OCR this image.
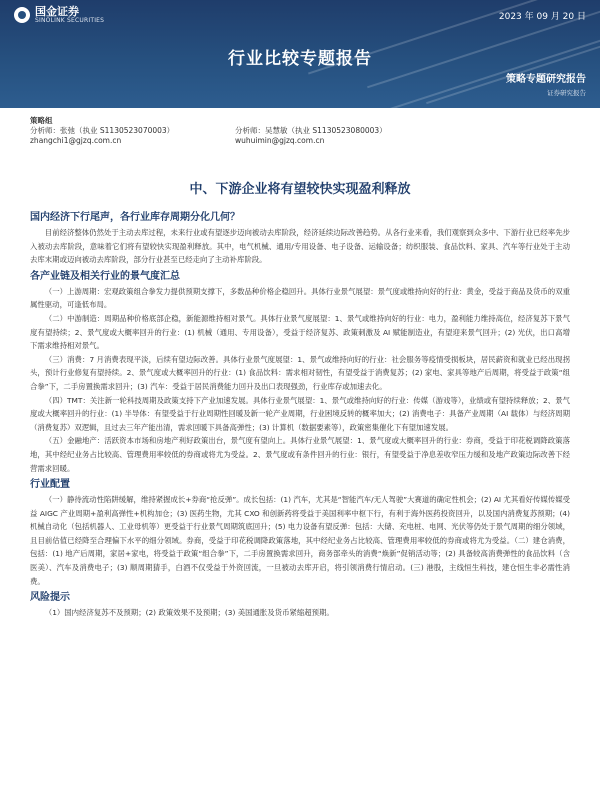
国金证券
SINOLINK SECURITIES	2023 年 09 月 20 日
行业比较专题报告
策略专题研究报告
证券研究报告
策略组
分析师：张弛（执业 S1130523070003）
zhangchi1@gjzq.com.cn
分析师：吴慧敏（执业 S1130523080003）
wuhuimin@gjzq.com.cn
中、下游企业将有望较快实现盈利释放
国内经济下行尾声，各行业库存周期分化几何？

目前经济整体仍然处于主动去库过程，未来行业或有望逐步迈向被动去库阶段，经济延续边际改善趋势。从各行业来看，我们观察到众多中、下游行业已经率先步入被动去库阶段，意味着它们将有望较快实现盈利释放。其中，电气机械、通用/专用设备、电子设备、运输设备；纺织服装、食品饮料、家具、汽车等行业处于主动去库末期或迈向被动去库阶段，部分行业甚至已经走向了主动补库阶段。

各产业链及相关行业的景气度汇总

（一）上游周期：宏观政策组合拳发力提供预期支撑下，多数品种价格企稳回升。具体行业景气展望：景气度或维持向好的行业：黄金，受益于商品及货币的双重属性驱动，可逢低布局。

（二）中游制造：周期品种价格底部企稳，新能源维持相对景气。具体行业景气度展望：1、景气或维持向好的行业：电力，盈利能力维持高位，经济复苏下景气度有望持续；2、景气度或大概率回升的行业：(1) 机械（通用、专用设备），受益于经济复苏、政策刺激及 AI 赋能制造业，有望迎来景气回升；(2) 光伏，出口高增下需求维持相对景气。

（三）消费：7 月消费表现平淡，后续有望边际改善。具体行业景气度展望：1、景气或维持向好的行业：社会服务等疫情受损板块，居民薪资和就业已经出现拐头，预计行业修复有望持续。2、景气度或大概率回升的行业：(1) 食品饮料：需求相对韧性，有望受益于消费复苏；(2) 家电、家具等地产后周期，将受益于政策“组合拳”下，二手房置换需求回升；(3) 汽车：受益于居民消费能力回升及出口表现强劲，行业库存或加速去化。

（四）TMT：关注新一轮科技周期及政策支持下产业加速发展。具体行业景气展望：1、景气或维持向好的行业：传媒（游戏等），业绩或有望持续释放；2、景气度或大概率回升的行业：(1) 半导体：有望受益于行业周期性回暖及新一轮产业周期，行业困境反转的概率加大；(2) 消费电子：具备产业周期（AI 载体）与经济周期（消费复苏）双逻辑，且过去三年产能出清，需求回暖下具备高弹性；(3) 计算机（数据要素等），政策密集催化下有望加速发展。

（五）金融地产：活跃资本市场和房地产利好政策出台，景气度有望向上。具体行业景气展望：1、景气度或大概率回升的行业：券商，受益于印花税调降政策落地，其中经纪业务占比较高、管理费用率较低的券商或将尤为受益。2、景气度或有条件回升的行业：银行，有望受益于净息差收窄压力缓和及地产政策边际改善下经营需求回暖。

行业配置

（一）静待流动性陷阱缓解，维持紧握成长+券商“抢反弹”。成长包括：(1) 汽车，尤其是“智能汽车/无人驾驶”大赛道的确定性机会；(2) AI 尤其看好传媒传媒受益 AIGC 产业周期+盈利高弹性+机构加仓；(3) 医药生物，尤其 CXO 和创新药将受益于美国利率中枢下行，有利于海外医药投资回升，以及国内消费复苏预期；(4) 机械自动化（包括机器人、工业母机等）更受益于行业景气周期筑底回升；(5) 电力设备有望反弹：包括：大储、充电桩、电网、光伏等仍处于景气周期的细分领域，且目前估值已经降至合理偏下水平的细分领域。券商，受益于印花税调降政策落地，其中经纪业务占比较高、管理费用率较低的券商或将尤为受益。（二）建仓消费，包括：(1) 地产后周期，家居+家电，将受益于政策“组合拳”下，二手房置换需求回升，商务部牵头的消费“焕新”促销活动等；(2) 具备较高消费弹性的食品饮料（含医美）、汽车及消费电子；(3) 顺周期猜手，白酒不仅受益于外资回流，一旦被动去库开启，将引领消费行情启动。(三) 港股，主线恒生科技，建仓恒生非必需性消费。

风险提示

（1）国内经济复苏不及预期；(2) 政策效果不及预期；(3) 美国通胀及货币紧缩超预期。
